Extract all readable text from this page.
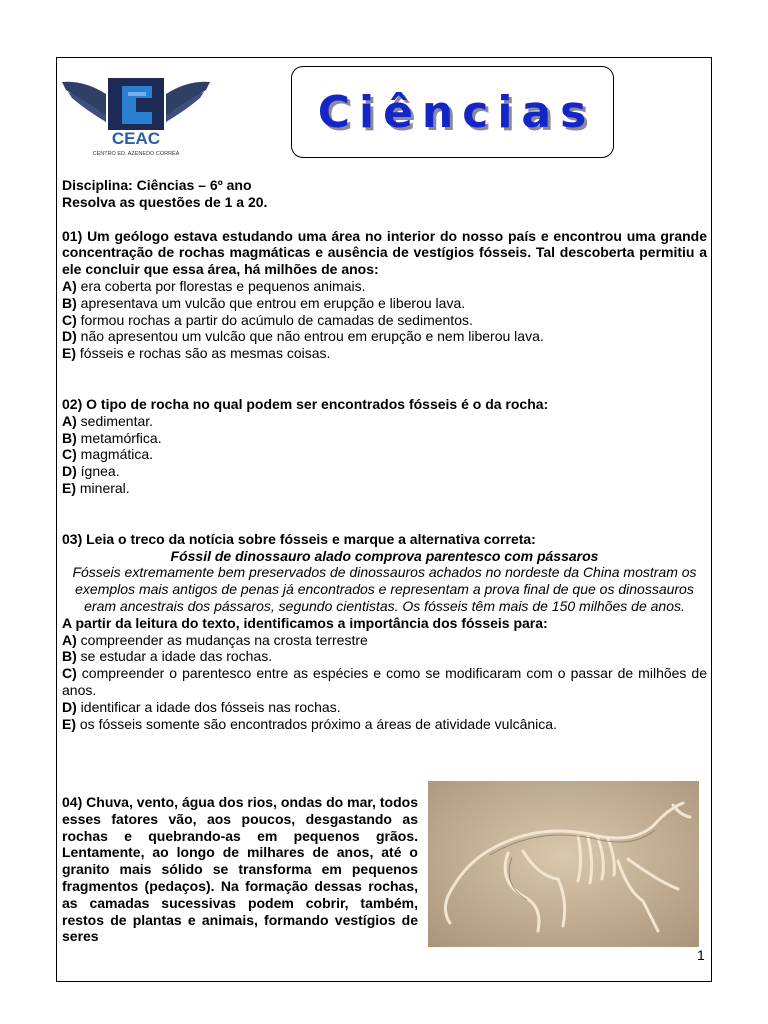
CEAC
CENTRO ED. AZENEDO CORRÊA
Ciências

Disciplina: Ciências – 6º ano

Resolva as questões de 1 a 20.

01) Um geólogo estava estudando uma área no interior do nosso país e encontrou uma grande concentração de rochas magmáticas e ausência de vestígios fósseis. Tal descoberta permitiu a ele concluir que essa área, há milhões de anos:

A) era coberta por florestas e pequenos animais.

B) apresentava um vulcão que entrou em erupção e liberou lava.

C) formou rochas a partir do acúmulo de camadas de sedimentos.

D) não apresentou um vulcão que não entrou em erupção e nem liberou lava.

E) fósseis e rochas são as mesmas coisas.

02) O tipo de rocha no qual podem ser encontrados fósseis é o da rocha:

A) sedimentar.

B) metamórfica.

C) magmática.

D) ígnea.

E) mineral.

03) Leia o treco da notícia sobre fósseis e marque a alternativa correta:

Fóssil de dinossauro alado comprova parentesco com pássaros

Fósseis extremamente bem preservados de dinossauros achados no nordeste da China mostram os exemplos mais antigos de penas já encontrados e representam a prova final de que os dinossauros eram ancestrais dos pássaros, segundo cientistas. Os fósseis têm mais de 150 milhões de anos.

A partir da leitura do texto, identificamos a importância dos fósseis para:

A) compreender as mudanças na crosta terrestre

B) se estudar a idade das rochas.

C) compreender o parentesco entre as espécies e como se modificaram com o passar de milhões de anos.

D) identificar a idade dos fósseis nas rochas.

E) os fósseis somente são encontrados próximo a áreas de atividade vulcânica.

04) Chuva, vento, água dos rios, ondas do mar, todos esses fatores vão, aos poucos, desgastando as rochas e quebrando-as em pequenos grãos. Lentamente, ao longo de milhares de anos, até o granito mais sólido se transforma em pequenos fragmentos (pedaços). Na formação dessas rochas, as camadas sucessivas podem cobrir, também, restos de plantas e animais, formando vestígios de seres

1
